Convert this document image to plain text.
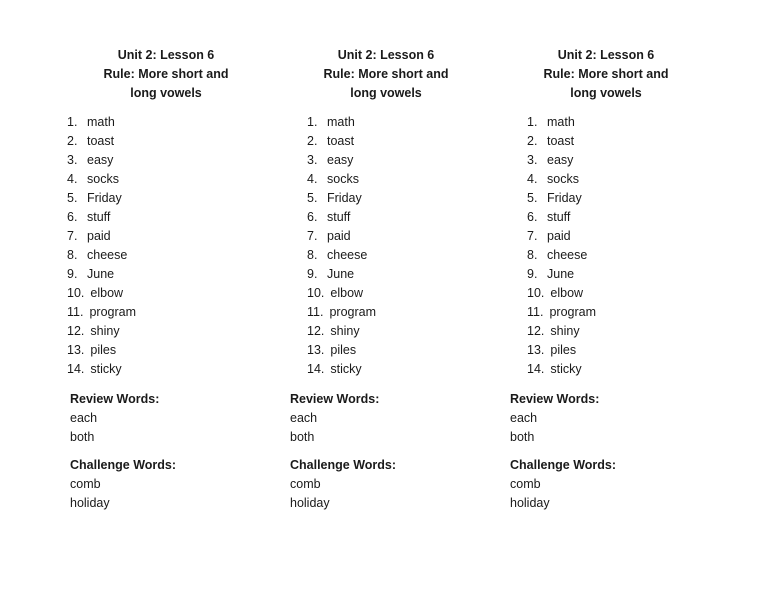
Unit 2: Lesson 6
Rule: More short and
long vowels
1. math
2. toast
3. easy
4. socks
5. Friday
6. stuff
7. paid
8. cheese
9. June
10. elbow
11. program
12. shiny
13. piles
14. sticky
Review Words:
each
both
Challenge Words:
comb
holiday
Unit 2: Lesson 6
Rule: More short and
long vowels
1. math
2. toast
3. easy
4. socks
5. Friday
6. stuff
7. paid
8. cheese
9. June
10. elbow
11. program
12. shiny
13. piles
14. sticky
Review Words:
each
both
Challenge Words:
comb
holiday
Unit 2: Lesson 6
Rule: More short and
long vowels
1. math
2. toast
3. easy
4. socks
5. Friday
6. stuff
7. paid
8. cheese
9. June
10. elbow
11. program
12. shiny
13. piles
14. sticky
Review Words:
each
both
Challenge Words:
comb
holiday
